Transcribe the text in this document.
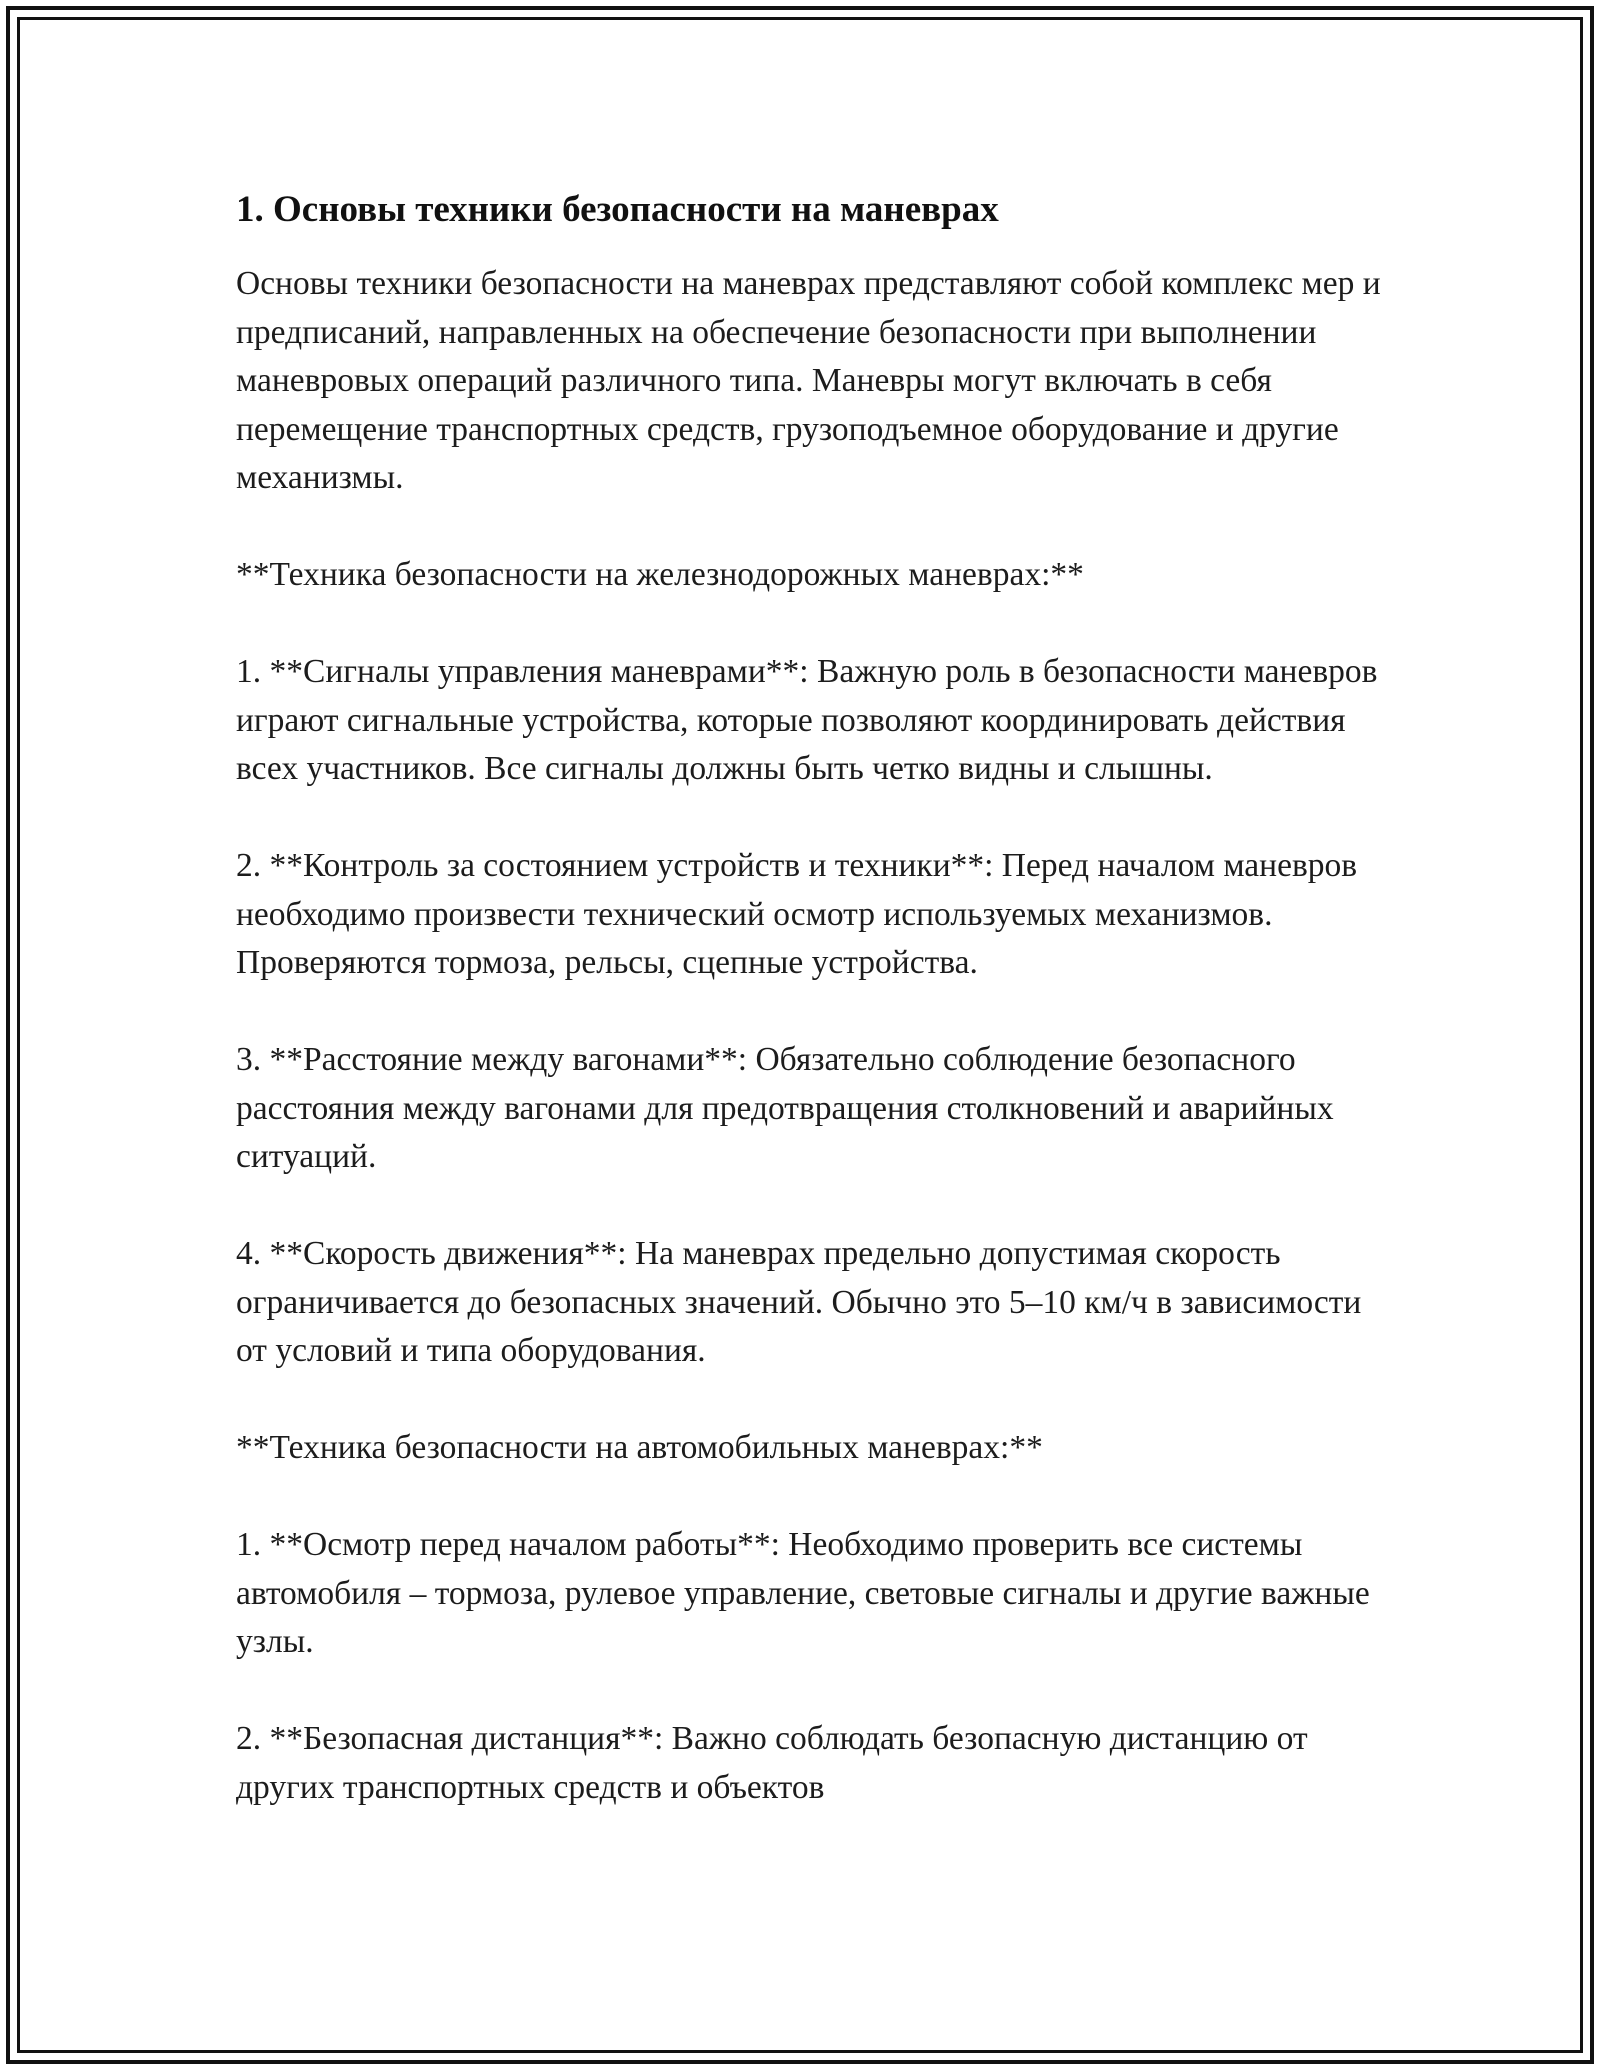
1. Основы техники безопасности на маневрах

Основы техники безопасности на маневрах представляют собой комплекс мер и предписаний, направленных на обеспечение безопасности при выполнении маневровых операций различного типа. Маневры могут включать в себя перемещение транспортных средств, грузоподъемное оборудование и другие механизмы.

**Техника безопасности на железнодорожных маневрах:**

1. **Сигналы управления маневрами**: Важную роль в безопасности маневров играют сигнальные устройства, которые позволяют координировать действия всех участников. Все сигналы должны быть четко видны и слышны.

2. **Контроль за состоянием устройств и техники**: Перед началом маневров необходимо произвести технический осмотр используемых механизмов. Проверяются тормоза, рельсы, сцепные устройства.

3. **Расстояние между вагонами**: Обязательно соблюдение безопасного расстояния между вагонами для предотвращения столкновений и аварийных ситуаций.

4. **Скорость движения**: На маневрах предельно допустимая скорость ограничивается до безопасных значений. Обычно это 5–10 км/ч в зависимости от условий и типа оборудования.

**Техника безопасности на автомобильных маневрах:**

1. **Осмотр перед началом работы**: Необходимо проверить все системы автомобиля – тормоза, рулевое управление, световые сигналы и другие важные узлы.

2. **Безопасная дистанция**: Важно соблюдать безопасную дистанцию от других транспортных средств и объектов
